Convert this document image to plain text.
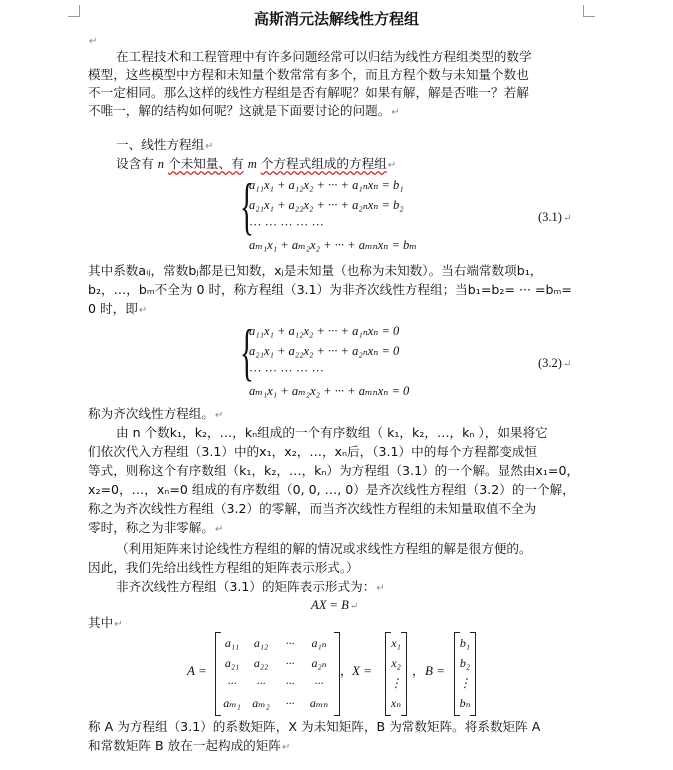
高斯消元法解线性方程组
↵
在工程技术和工程管理中有许多问题经常可以归结为线性方程组类型的数学
模型，这些模型中方程和未知量个数常常有多个，而且方程个数与未知量个数也
不一定相同。那么这样的线性方程组是否有解呢？如果有解，解是否唯一？若解
不唯一，解的结构如何呢？这就是下面要讨论的问题。↵
一、线性方程组↵
设含有 n 个未知量、有 m 个方程式组成的方程组↵
{
a₁₁x₁ + a₁₂x₂ + ··· + a₁ₙxₙ = b₁
a₂₁x₁ + a₂₂x₂ + ··· + a₂ₙxₙ = b₂
··· ··· ··· ··· ···
aₘ₁x₁ + aₘ₂x₂ + ··· + aₘₙxₙ = bₘ
(3.1)↵
其中系数aᵢⱼ，常数bⱼ都是已知数，xⱼ是未知量（也称为未知数）。当右端常数项b₁，
b₂，…，bₘ不全为 0 时，称方程组（3.1）为非齐次线性方程组；当b₁=b₂= ··· =bₘ=
0 时，即↵
{
a₁₁x₁ + a₁₂x₂ + ··· + a₁ₙxₙ = 0
a₂₁x₁ + a₂₂x₂ + ··· + a₂ₙxₙ = 0
··· ··· ··· ··· ···
aₘ₁x₁ + aₘ₂x₂ + ··· + aₘₙxₙ = 0
(3.2)↵
称为齐次线性方程组。↵
由 n 个数k₁，k₂，…，kₙ组成的一个有序数组（ k₁，k₂，…，kₙ ），如果将它
们依次代入方程组（3.1）中的x₁，x₂，…，xₙ后，（3.1）中的每个方程都变成恒
等式，则称这个有序数组（k₁，k₂，…，kₙ）为方程组（3.1）的一个解。显然由x₁=0，
x₂=0，…，xₙ=0 组成的有序数组（0, 0, …, 0）是齐次线性方程组（3.2）的一个解，
称之为齐次线性方程组（3.2）的零解，而当齐次线性方程组的未知量取值不全为
零时，称之为非零解。↵
（利用矩阵来讨论线性方程组的解的情况或求线性方程组的解是很方便的。
因此，我们先给出线性方程组的矩阵表示形式。）
非齐次线性方程组（3.1）的矩阵表示形式为：↵
AX = B↵
其中↵
A =
a₁₁	a₁₂	···	a₁ₙ
a₂₁	a₂₂	···	a₂ₙ
···	···	···	···
aₘ₁ aₘ₂	···	aₘₙ
， X =
x₁
x₂
⋮
xₙ
， B =
b₁
b₂
⋮
bₙ
称 A 为方程组（3.1）的系数矩阵，X 为未知矩阵，B 为常数矩阵。将系数矩阵 A
和常数矩阵 B 放在一起构成的矩阵↵
